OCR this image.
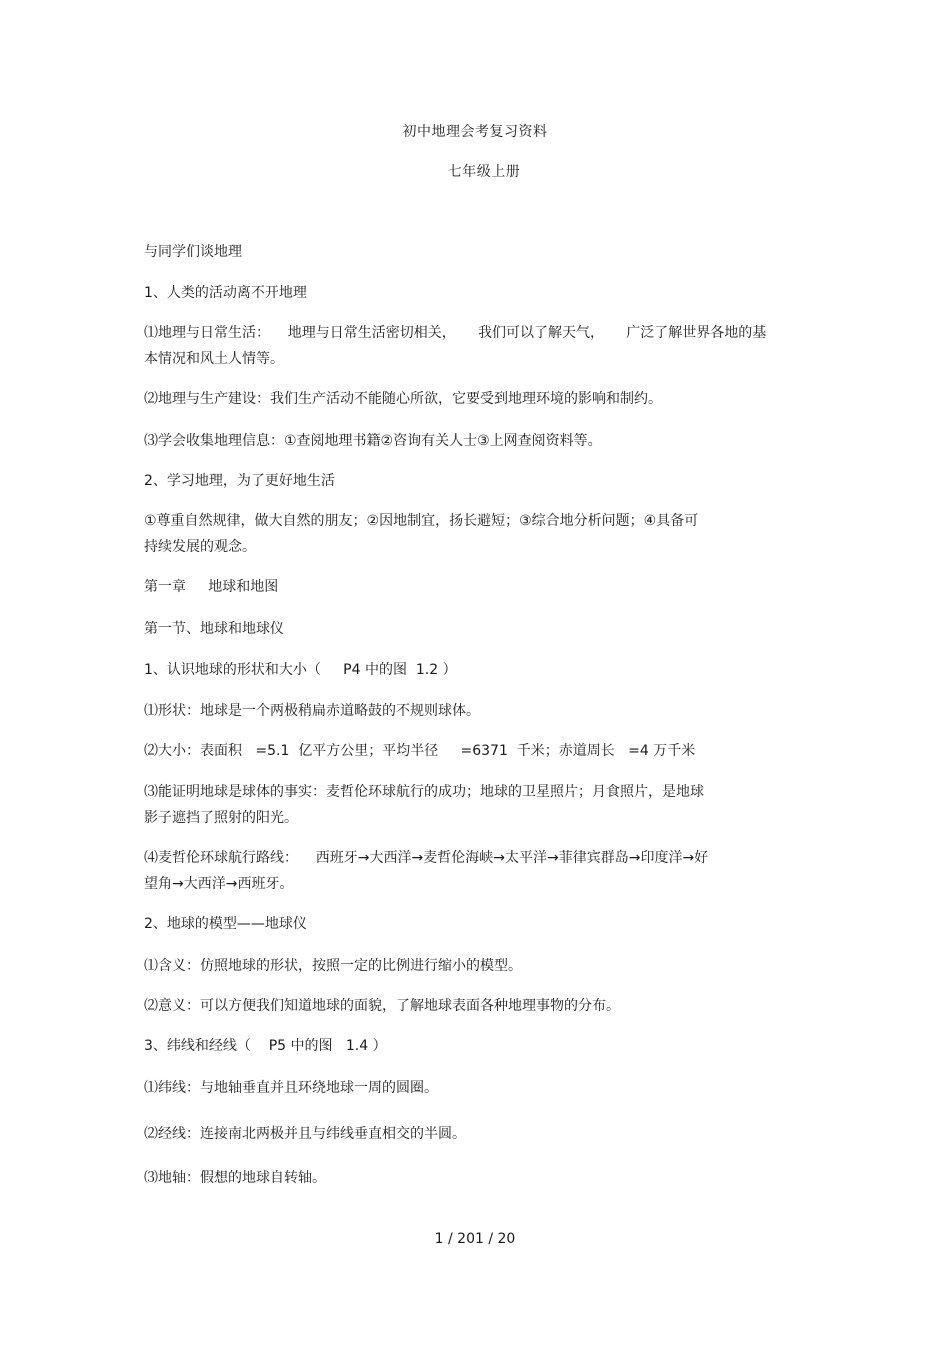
初中地理会考复习资料
七年级上册
与同学们谈地理
1、人类的活动离不开地理
⑴地理与日常生活：    地理与日常生活密切相关，     我们可以了解天气，     广泛了解世界各地的基
本情况和风土人情等。
⑵地理与生产建设：我们生产活动不能随心所欲，它要受到地理环境的影响和制约。
⑶学会收集地理信息：①查阅地理书籍②咨询有关人士③上网查阅资料等。
2、学习地理，为了更好地生活
①尊重自然规律，做大自然的朋友；②因地制宜，扬长避短；③综合地分析问题；④具备可
持续发展的观念。
第一章     地球和地图
第一节、地球和地球仪
1、认识地球的形状和大小（     P4 中的图  1.2 ）
⑴形状：地球是一个两极稍扁赤道略鼓的不规则球体。
⑵大小：表面积   =5.1  亿平方公里；平均半径     =6371  千米；赤道周长   =4 万千米
⑶能证明地球是球体的事实：麦哲伦环球航行的成功；地球的卫星照片；月食照片，是地球
影子遮挡了照射的阳光。
⑷麦哲伦环球航行路线：    西班牙→大西洋→麦哲伦海峡→太平洋→菲律宾群岛→印度洋→好
望角→大西洋→西班牙。
2、地球的模型——地球仪
⑴含义：仿照地球的形状，按照一定的比例进行缩小的模型。
⑵意义：可以方便我们知道地球的面貌，了解地球表面各种地理事物的分布。
3、纬线和经线（    P5 中的图   1.4 ）
⑴纬线：与地轴垂直并且环绕地球一周的圆圈。
⑵经线：连接南北两极并且与纬线垂直相交的半圆。
⑶地轴：假想的地球自转轴。
1 / 201 / 20
